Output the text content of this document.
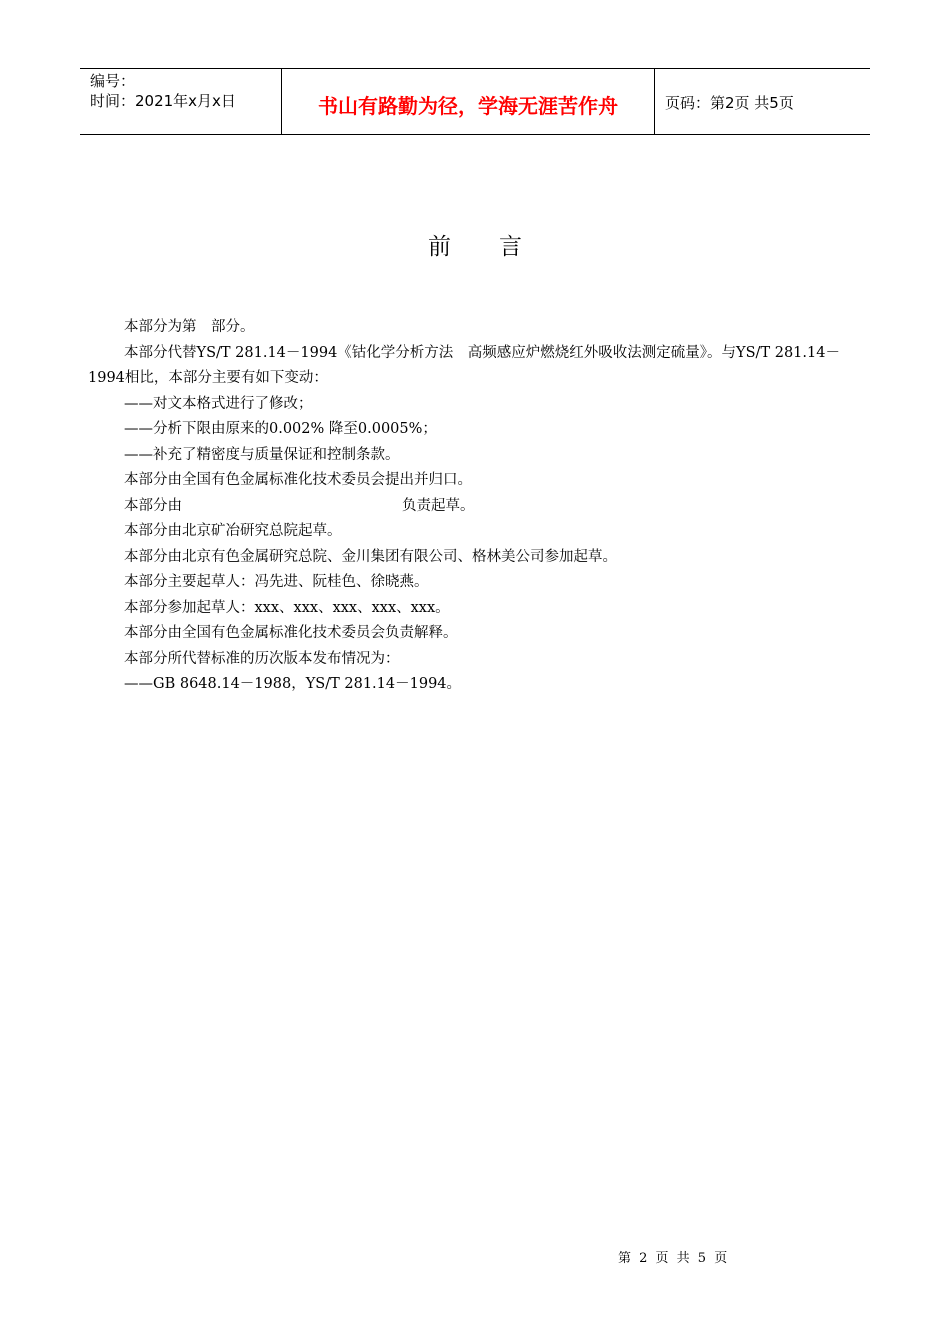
编号：
时间：2021年x月x日	书山有路勤为径，学海无涯苦作舟	页码：第2页 共5页
前言

本部分为第　部分。

本部分代替YS/T 281.14－1994《钴化学分析方法　高频感应炉燃烧红外吸收法测定硫量》。与YS/T 281.14－1994相比，本部分主要有如下变动：

——对文本格式进行了修改；

——分析下限由原来的0.002% 降至0.0005%；

——补充了精密度与质量保证和控制条款。

本部分由全国有色金属标准化技术委员会提出并归口。

本部分由	负责起草。

本部分由北京矿冶研究总院起草。

本部分由北京有色金属研究总院、金川集团有限公司、格林美公司参加起草。

本部分主要起草人：冯先进、阮桂色、徐晓燕。

本部分参加起草人：xxx、xxx、xxx、xxx、xxx。

本部分由全国有色金属标准化技术委员会负责解释。

本部分所代替标准的历次版本发布情况为：

——GB 8648.14－1988，YS/T 281.14－1994。

第 2 页 共 5 页
